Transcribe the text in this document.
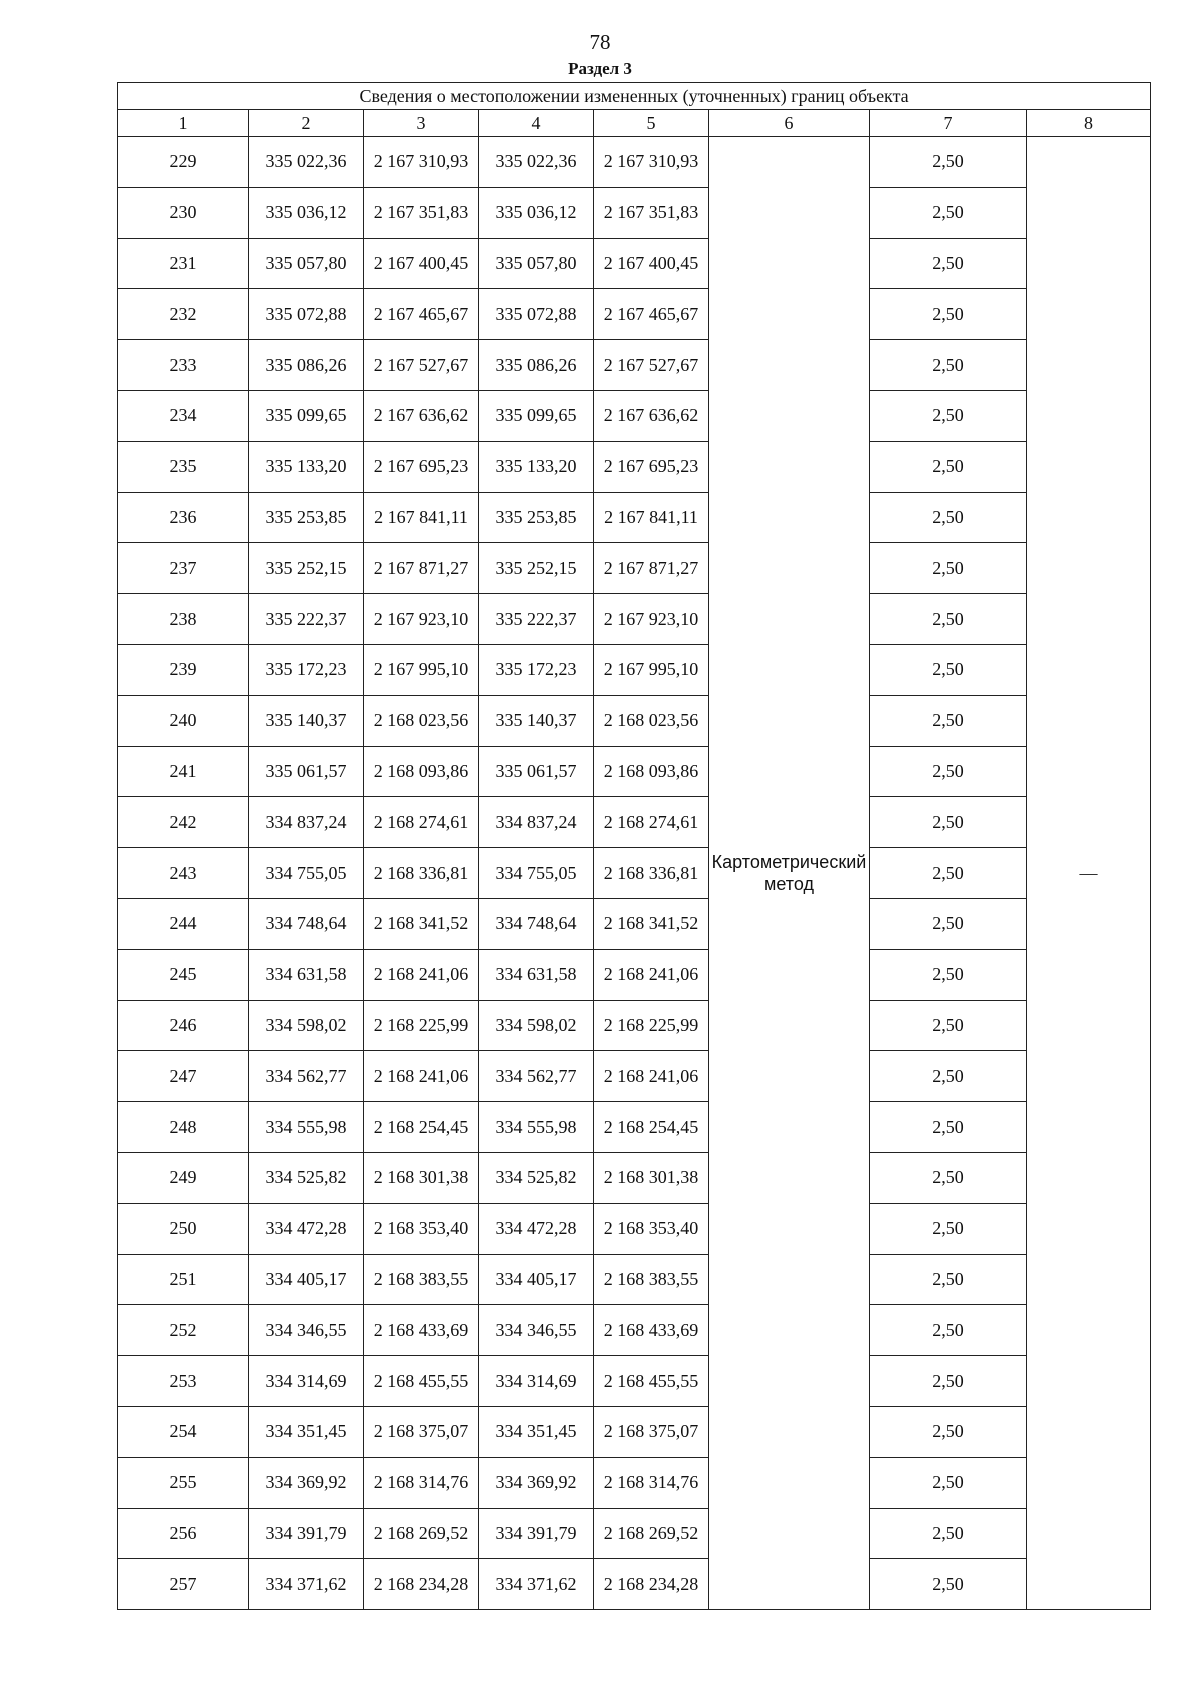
78
Раздел 3
Сведения о местоположении измененных (уточненных) границ объекта							
1	2	3	4	5	6	7	8
229	335 022,36	2 167 310,93	335 022,36	2 167 310,93	Картометрический метод	2,50	—
230	335 036,12	2 167 351,83	335 036,12	2 167 351,83		2,50	
231	335 057,80	2 167 400,45	335 057,80	2 167 400,45		2,50	
232	335 072,88	2 167 465,67	335 072,88	2 167 465,67		2,50	
233	335 086,26	2 167 527,67	335 086,26	2 167 527,67		2,50	
234	335 099,65	2 167 636,62	335 099,65	2 167 636,62		2,50	
235	335 133,20	2 167 695,23	335 133,20	2 167 695,23		2,50	
236	335 253,85	2 167 841,11	335 253,85	2 167 841,11		2,50	
237	335 252,15	2 167 871,27	335 252,15	2 167 871,27		2,50	
238	335 222,37	2 167 923,10	335 222,37	2 167 923,10		2,50	
239	335 172,23	2 167 995,10	335 172,23	2 167 995,10		2,50	
240	335 140,37	2 168 023,56	335 140,37	2 168 023,56		2,50	
241	335 061,57	2 168 093,86	335 061,57	2 168 093,86		2,50	
242	334 837,24	2 168 274,61	334 837,24	2 168 274,61		2,50	
243	334 755,05	2 168 336,81	334 755,05	2 168 336,81		2,50	
244	334 748,64	2 168 341,52	334 748,64	2 168 341,52		2,50	
245	334 631,58	2 168 241,06	334 631,58	2 168 241,06		2,50	
246	334 598,02	2 168 225,99	334 598,02	2 168 225,99		2,50	
247	334 562,77	2 168 241,06	334 562,77	2 168 241,06		2,50	
248	334 555,98	2 168 254,45	334 555,98	2 168 254,45		2,50	
249	334 525,82	2 168 301,38	334 525,82	2 168 301,38		2,50	
250	334 472,28	2 168 353,40	334 472,28	2 168 353,40		2,50	
251	334 405,17	2 168 383,55	334 405,17	2 168 383,55		2,50	
252	334 346,55	2 168 433,69	334 346,55	2 168 433,69		2,50	
253	334 314,69	2 168 455,55	334 314,69	2 168 455,55		2,50	
254	334 351,45	2 168 375,07	334 351,45	2 168 375,07		2,50	
255	334 369,92	2 168 314,76	334 369,92	2 168 314,76		2,50	
256	334 391,79	2 168 269,52	334 391,79	2 168 269,52		2,50	
257	334 371,62	2 168 234,28	334 371,62	2 168 234,28		2,50	
